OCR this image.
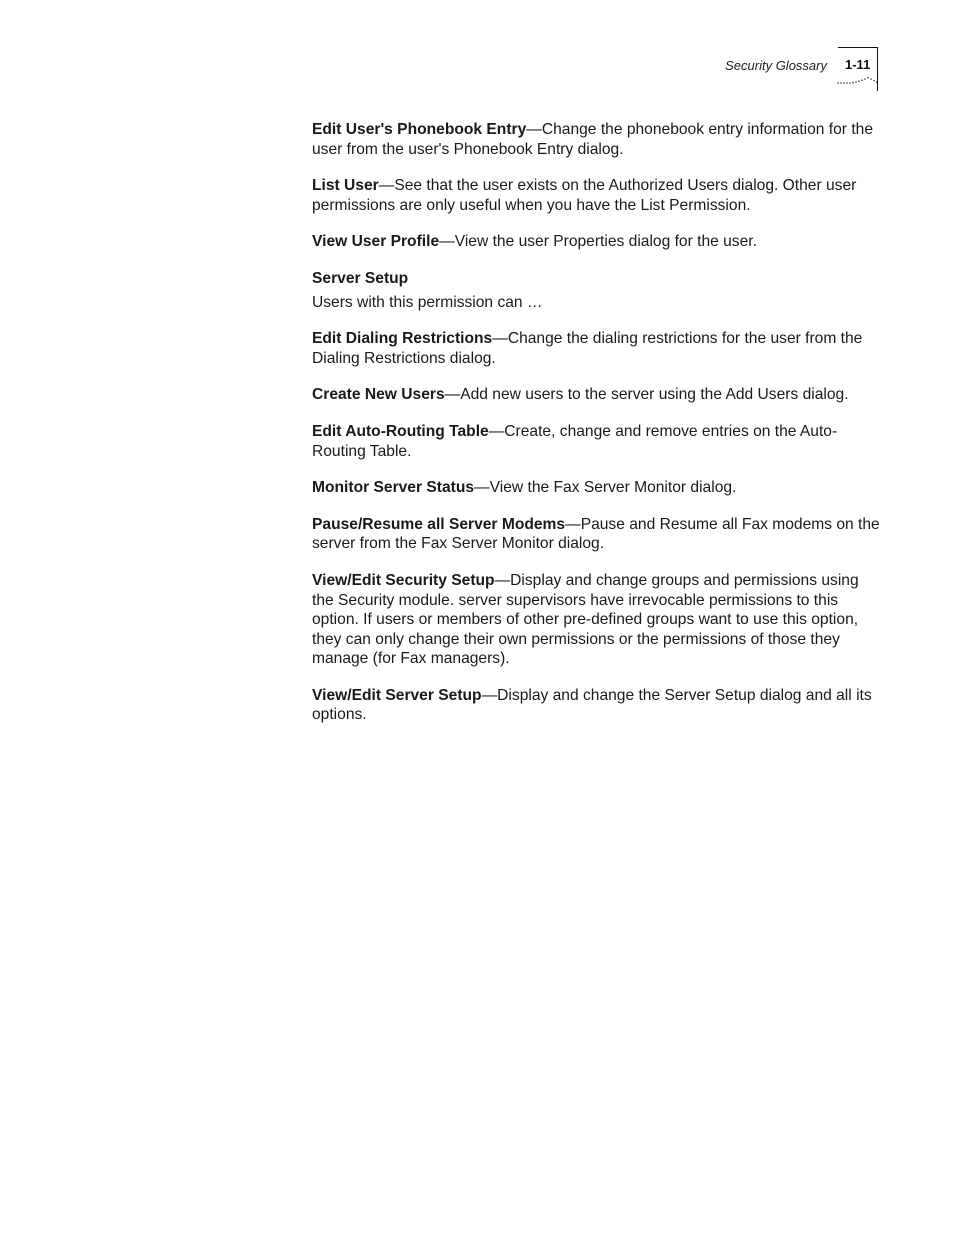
Security Glossary 1-11

Edit User's Phonebook Entry—Change the phonebook entry information for the user from the user's Phonebook Entry dialog.

List User—See that the user exists on the Authorized Users dialog. Other user permissions are only useful when you have the List Permission.

View User Profile—View the user Properties dialog for the user.

Server Setup
Users with this permission can …

Edit Dialing Restrictions—Change the dialing restrictions for the user from the Dialing Restrictions dialog.

Create New Users—Add new users to the server using the Add Users dialog.

Edit Auto-Routing Table—Create, change and remove entries on the Auto-Routing Table.

Monitor Server Status—View the Fax Server Monitor dialog.

Pause/Resume all Server Modems—Pause and Resume all Fax modems on the server from the Fax Server Monitor dialog.

View/Edit Security Setup—Display and change groups and permissions using the Security module. server supervisors have irrevocable permissions to this option. If users or members of other pre-defined groups want to use this option, they can only change their own permissions or the permissions of those they manage (for Fax managers).

View/Edit Server Setup—Display and change the Server Setup dialog and all its options.
